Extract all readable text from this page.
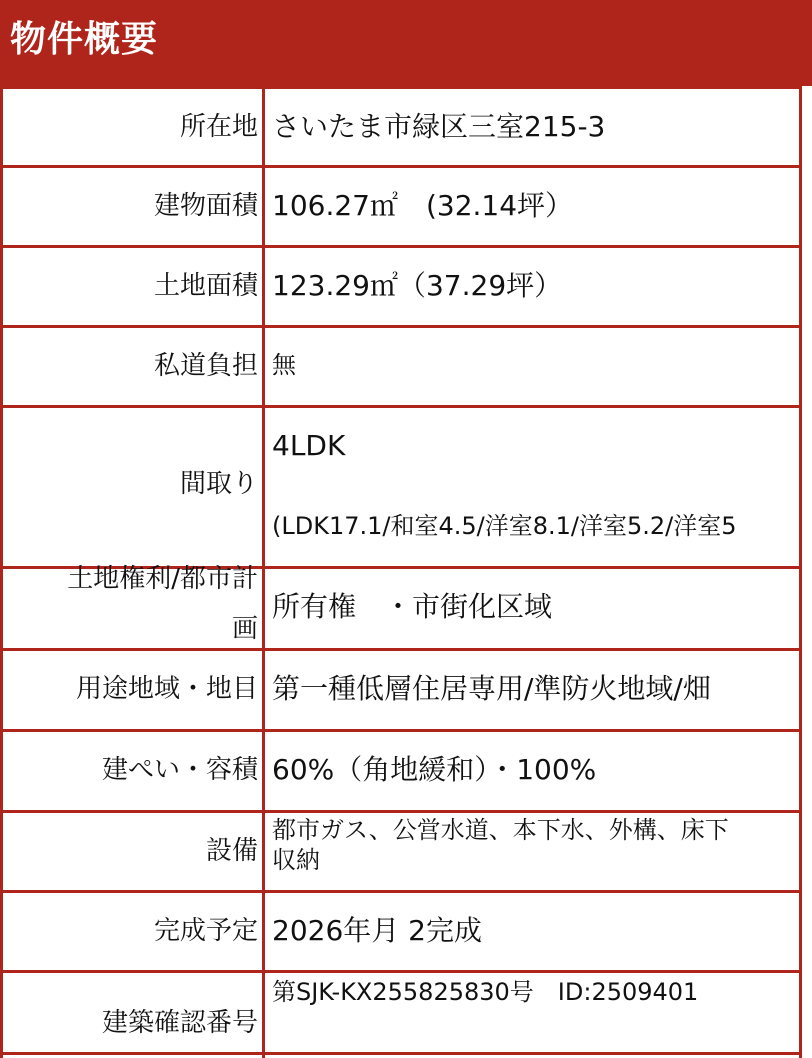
物件概要
所在地 さいたま市緑区三室215-3
建物面積 106.27㎡　(32.14坪）
土地面積 123.29㎡（37.29坪）
私道負担 無
間取り
4LDK
(LDK17.1/和室4.5/洋室8.1/洋室5.2/洋室5
土地権利/都市計
画
所有権　・市街化区域
用途地域・地目 第一種低層住居専用/準防火地域/畑
建ぺい・容積 60%（角地緩和）・100%
設備
都市ガス、公営水道、本下水、外構、床下
収納
完成予定 2026年月 2完成
建築確認番号
第SJK-KX255825830号　ID:2509401
